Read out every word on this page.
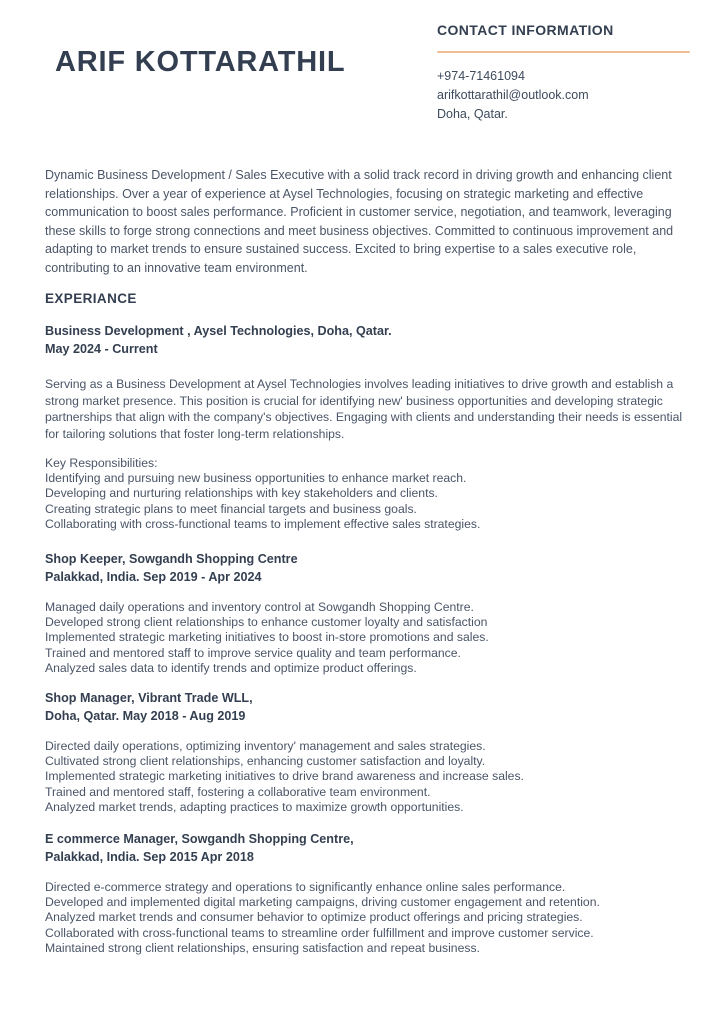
ARIF KOTTARATHIL
CONTACT INFORMATION
+974-71461094
arifkottarathil@outlook.com
Doha, Qatar.

Dynamic Business Development / Sales Executive with a solid track record in driving growth and enhancing client relationships. Over a year of experience at Aysel Technologies, focusing on strategic marketing and effective communication to boost sales performance. Proficient in customer service, negotiation, and teamwork, leveraging these skills to forge strong connections and meet business objectives. Committed to continuous improvement and adapting to market trends to ensure sustained success. Excited to bring expertise to a sales executive role, contributing to an innovative team environment.

EXPERIANCE
Business Development , Aysel Technologies, Doha, Qatar.
May 2024 - Current

Serving as a Business Development at Aysel Technologies involves leading initiatives to drive growth and establish a strong market presence. This position is crucial for identifying new' business opportunities and developing strategic partnerships that align with the company's objectives. Engaging with clients and understanding their needs is essential for tailoring solutions that foster long-term relationships.

Key Responsibilities:
Identifying and pursuing new business opportunities to enhance market reach.
Developing and nurturing relationships with key stakeholders and clients.
Creating strategic plans to meet financial targets and business goals.
Collaborating with cross-functional teams to implement effective sales strategies.
Shop Keeper, Sowgandh Shopping Centre
Palakkad, India. Sep 2019 - Apr 2024
Managed daily operations and inventory control at Sowgandh Shopping Centre.
Developed strong client relationships to enhance customer loyalty and satisfaction
Implemented strategic marketing initiatives to boost in-store promotions and sales.
Trained and mentored staff to improve service quality and team performance.
Analyzed sales data to identify trends and optimize product offerings.
Shop Manager, Vibrant Trade WLL,
Doha, Qatar. May 2018 - Aug 2019
Directed daily operations, optimizing inventory' management and sales strategies.
Cultivated strong client relationships, enhancing customer satisfaction and loyalty.
Implemented strategic marketing initiatives to drive brand awareness and increase sales.
Trained and mentored staff, fostering a collaborative team environment.
Analyzed market trends, adapting practices to maximize growth opportunities.
E commerce Manager, Sowgandh Shopping Centre,
Palakkad, India. Sep 2015 Apr 2018
Directed e-commerce strategy and operations to significantly enhance online sales performance.
Developed and implemented digital marketing campaigns, driving customer engagement and retention.
Analyzed market trends and consumer behavior to optimize product offerings and pricing strategies.
Collaborated with cross-functional teams to streamline order fulfillment and improve customer service.
Maintained strong client relationships, ensuring satisfaction and repeat business.
